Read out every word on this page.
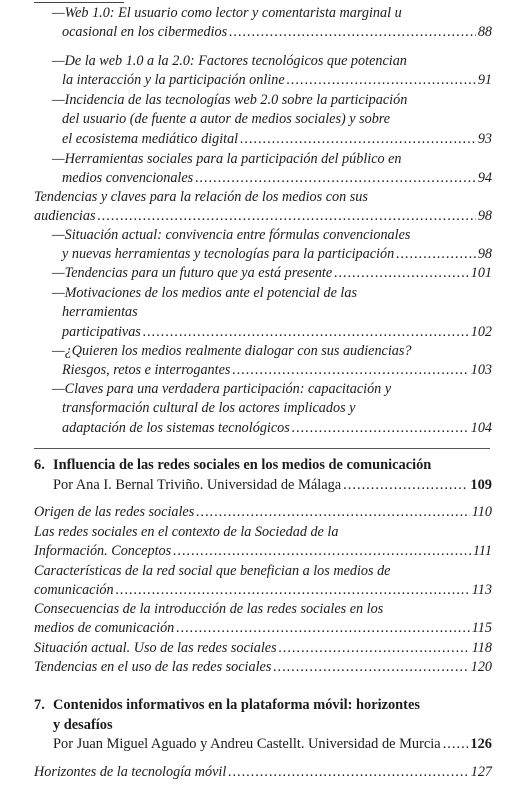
—Web 1.0: El usuario como lector y comentarista marginal u
ocasional en los cibermedios .....	88
—De la web 1.0 a la 2.0: Factores tecnológicos que potencian
la interacción y la participación online .....	91
—Incidencia de las tecnologías web 2.0 sobre la participación
del usuario (de fuente a autor de medios sociales) y sobre
el ecosistema mediático digital .....	93
—Herramientas sociales para la participación del público en
medios convencionales .....	94
Tendencias y claves para la relación de los medios con sus
audiencias .....	98
—Situación actual: convivencia entre fórmulas convencionales
y nuevas herramientas y tecnologías para la participación .....	98
—Tendencias para un futuro que ya está presente .....	101
—Motivaciones de los medios ante el potencial de las
herramientas
participativas .....	102
—¿Quieren los medios realmente dialogar con sus audiencias?
Riesgos, retos e interrogantes .....	103
—Claves para una verdadera participación: capacitación y
transformación cultural de los actores implicados y
adaptación de los sistemas tecnológicos .....	104
6. Influencia de las redes sociales en los medios de comunicación
Por Ana I. Bernal Triviño. Universidad de Málaga .....	109
Origen de las redes sociales .....	110
Las redes sociales en el contexto de la Sociedad de la
Información. Conceptos .....	111
Características de la red social que benefician a los medios de
comunicación .....	113
Consecuencias de la introducción de las redes sociales en los
medios de comunicación .....	115
Situación actual. Uso de las redes sociales .....	118
Tendencias en el uso de las redes sociales .....	120
7. Contenidos informativos en la plataforma móvil: horizontes
y desafíos
Por Juan Miguel Aguado y Andreu Castellt. Universidad de Murcia ..... 126
Horizontes de la tecnología móvil .....	127
